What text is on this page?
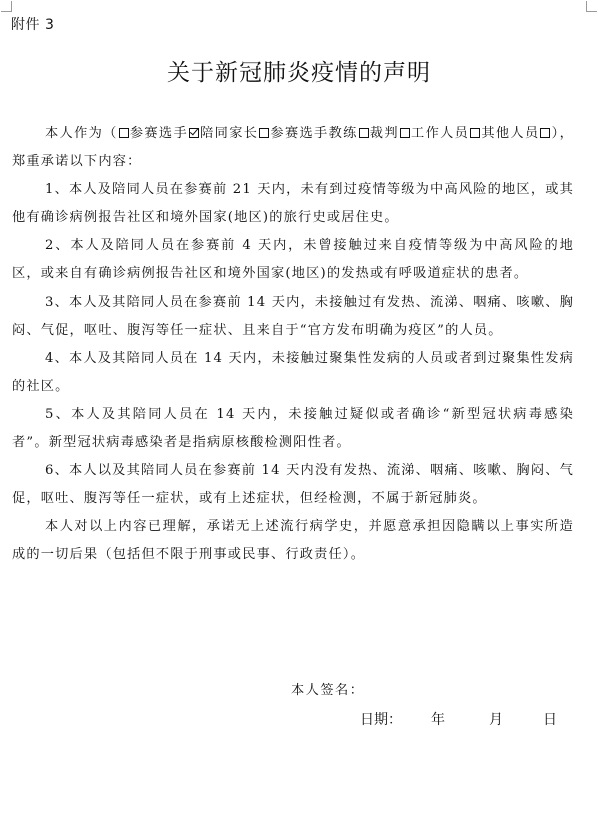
附件 3
关于新冠肺炎疫情的声明

本人作为（ 参赛选手 陪同家长 参赛选手教练 裁判 工作人员 其他人员 ），郑重承诺以下内容：

1、本人及陪同人员在参赛前 21 天内，未有到过疫情等级为中高风险的地区，或其他有确诊病例报告社区和境外国家(地区)的旅行史或居住史。

2、本人及陪同人员在参赛前 4 天内，未曾接触过来自疫情等级为中高风险的地区，或来自有确诊病例报告社区和境外国家(地区)的发热或有呼吸道症状的患者。

3、本人及其陪同人员在参赛前 14 天内，未接触过有发热、流涕、咽痛、咳嗽、胸闷、气促，呕吐、腹泻等任一症状、且来自于“官方发布明确为疫区”的人员。

4、本人及其陪同人员在 14 天内，未接触过聚集性发病的人员或者到过聚集性发病的社区。

5、本人及其陪同人员在 14 天内，未接触过疑似或者确诊“新型冠状病毒感染者”。新型冠状病毒感染者是指病原核酸检测阳性者。

6、本人以及其陪同人员在参赛前 14 天内没有发热、流涕、咽痛、咳嗽、胸闷、气促，呕吐、腹泻等任一症状，或有上述症状，但经检测，不属于新冠肺炎。

本人对以上内容已理解，承诺无上述流行病学史，并愿意承担因隐瞒以上事实所造成的一切后果（包括但不限于刑事或民事、行政责任）。

本人签名：
日期： 年	月	日
